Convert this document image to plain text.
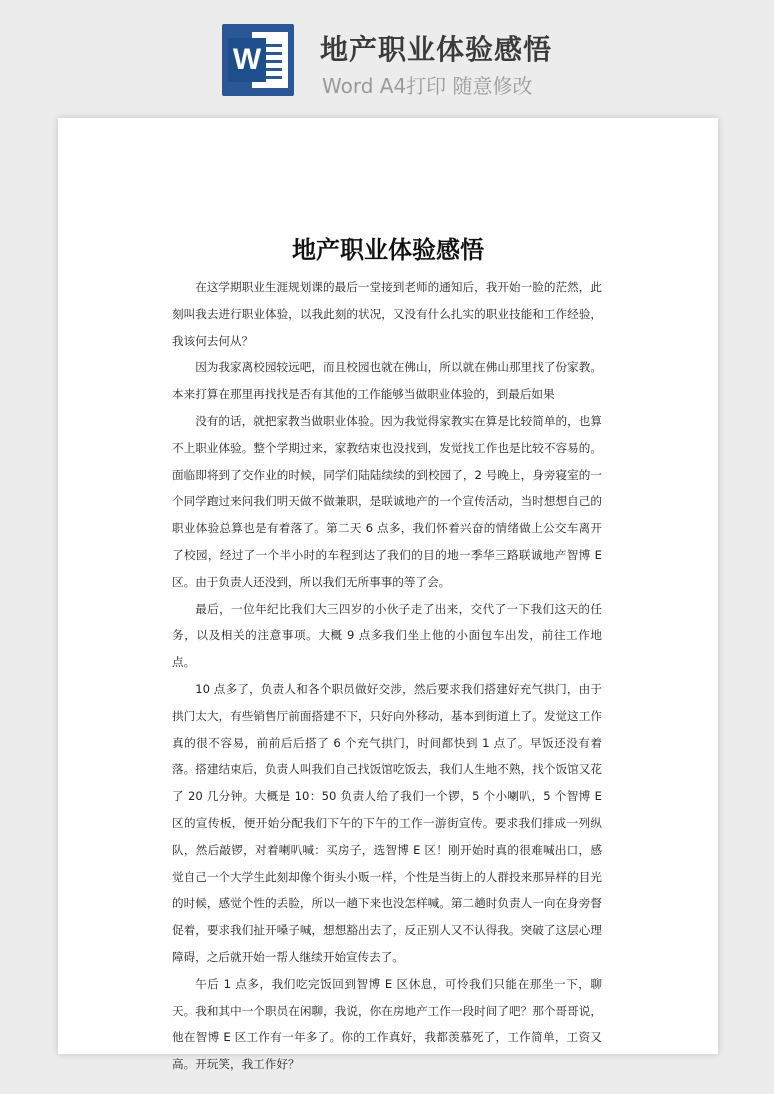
W 地产职业体验感悟
Word A4打印 随意修改
地产职业体验感悟

在这学期职业生涯规划课的最后一堂接到老师的通知后，我开始一脸的茫然，此刻叫我去进行职业体验，以我此刻的状况，又没有什么扎实的职业技能和工作经验，我该何去何从？

因为我家离校园较远吧，而且校园也就在佛山，所以就在佛山那里找了份家教。本来打算在那里再找找是否有其他的工作能够当做职业体验的，到最后如果

没有的话，就把家教当做职业体验。因为我觉得家教实在算是比较简单的，也算不上职业体验。整个学期过来，家教结束也没找到，发觉找工作也是比较不容易的。面临即将到了交作业的时候，同学们陆陆续续的到校园了，2 号晚上，身旁寝室的一个同学跑过来问我们明天做不做兼职，是联诚地产的一个宣传活动，当时想想自己的职业体验总算也是有着落了。第二天 6 点多，我们怀着兴奋的情绪做上公交车离开了校园，经过了一个半小时的车程到达了我们的目的地一季华三路联诚地产智博 E 区。由于负责人还没到，所以我们无所事事的等了会。

最后，一位年纪比我们大三四岁的小伙子走了出来，交代了一下我们这天的任务，以及相关的注意事项。大概 9 点多我们坐上他的小面包车出发，前往工作地点。

10 点多了，负责人和各个职员做好交涉，然后要求我们搭建好充气拱门，由于拱门太大，有些销售厅前面搭建不下，只好向外移动，基本到街道上了。发觉这工作真的很不容易，前前后后搭了 6 个充气拱门，时间都快到 1 点了。早饭还没有着落。搭建结束后，负责人叫我们自己找饭馆吃饭去，我们人生地不熟，找个饭馆又花了 20 几分钟。大概是 10：50 负责人给了我们一个锣，5 个小喇叭，5 个智博 E 区的宣传板，便开始分配我们下午的下午的工作一游街宣传。要求我们排成一列纵队，然后敲锣，对着喇叭喊：买房子，选智博 E 区！刚开始时真的很难喊出口，感觉自己一个大学生此刻却像个街头小贩一样，个性是当街上的人群投来那异样的目光的时候，感觉个性的丢脸，所以一趟下来也没怎样喊。第二趟时负责人一向在身旁督促着，要求我们扯开嗓子喊，想想豁出去了，反正别人又不认得我。突破了这层心理障碍，之后就开始一帮人继续开始宣传去了。

午后 1 点多，我们吃完饭回到智博 E 区休息，可怜我们只能在那坐一下，聊天。我和其中一个职员在闲聊，我说，你在房地产工作一段时间了吧？那个哥哥说，他在智博 E 区工作有一年多了。你的工作真好，我都羡慕死了，工作简单，工资又高。开玩笑，我工作好？
